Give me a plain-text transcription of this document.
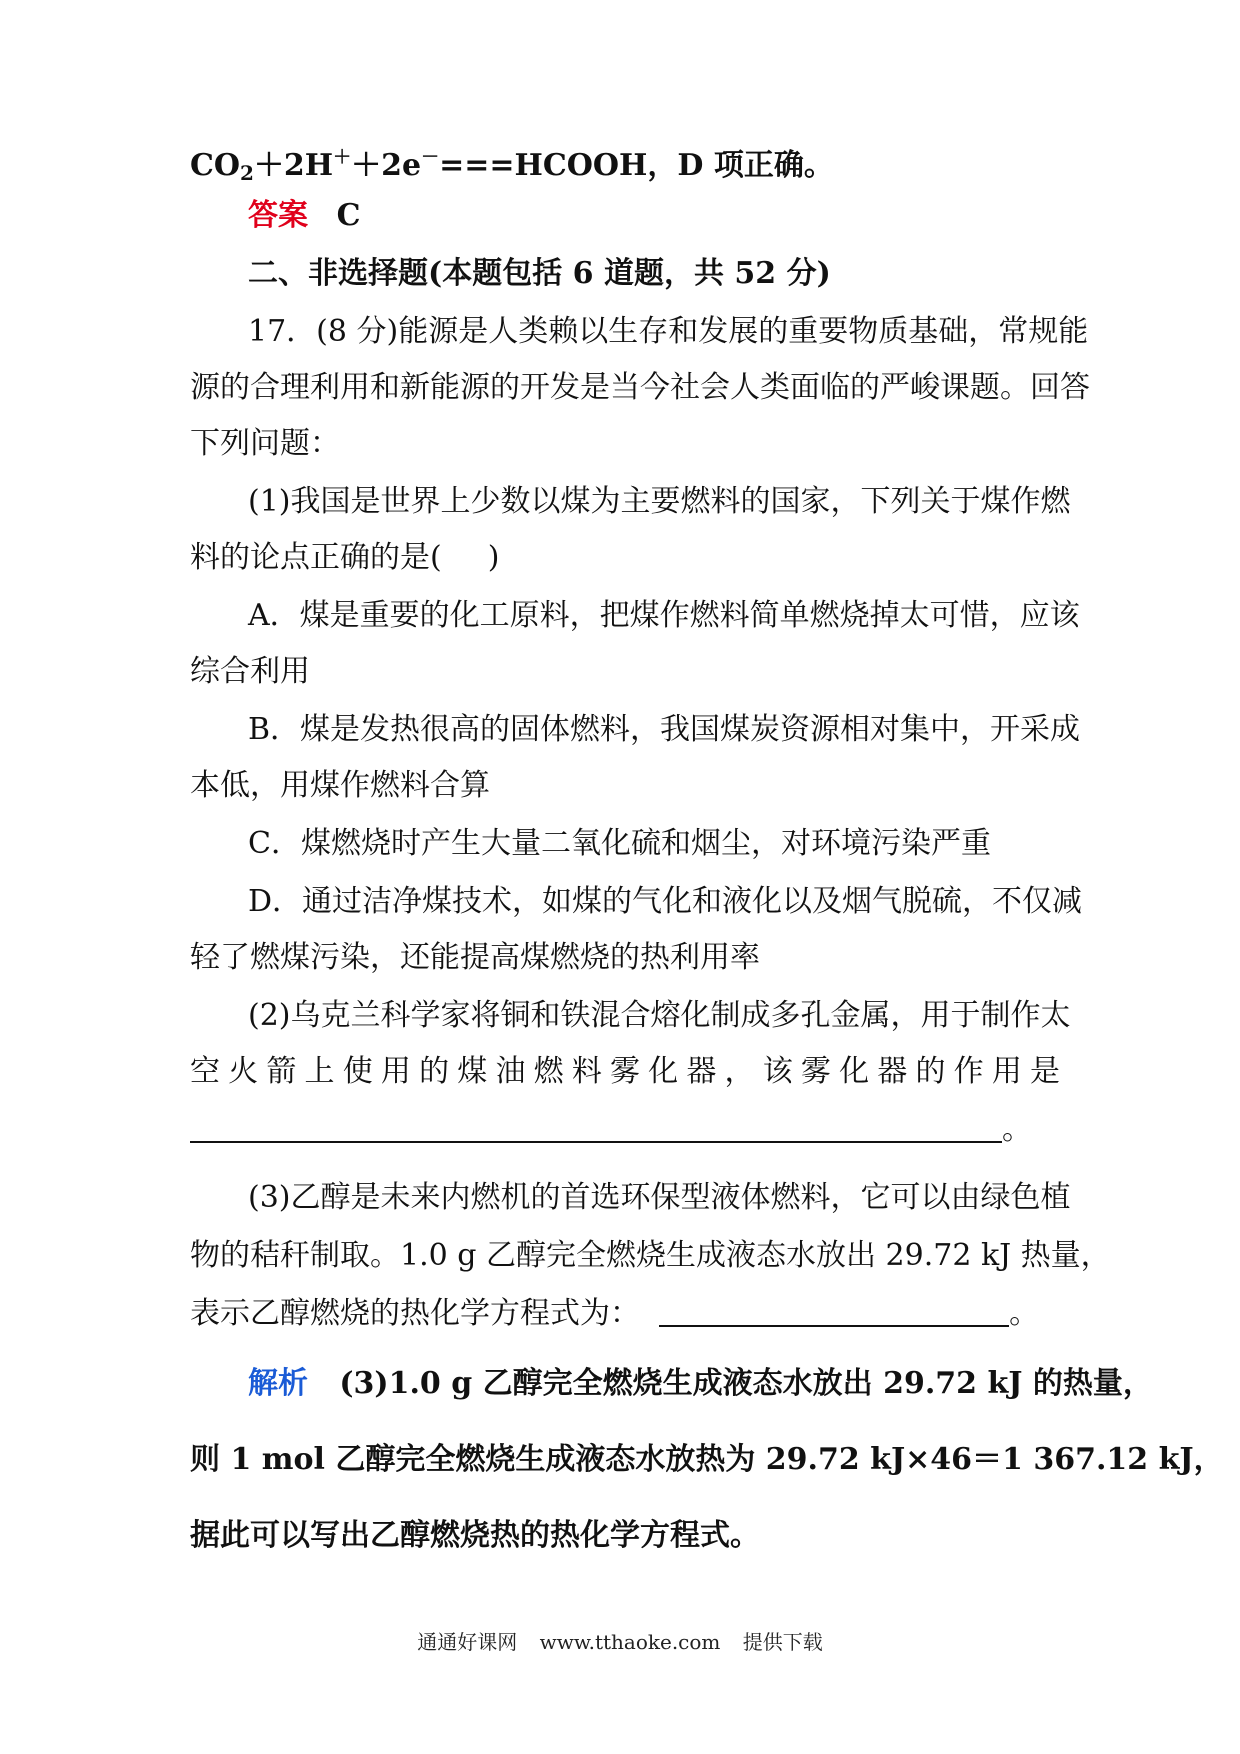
$CO_2+2H^++2e^-===HCOOH$，D 项正确。
答案 C
二、非选择题(本题包括 6 道题，共 52 分)
17．(8 分)能源是人类赖以生存和发展的重要物质基础，常规能
源的合理利用和新能源的开发是当今社会人类面临的严峻课题。回答
下列问题：
(1)我国是世界上少数以煤为主要燃料的国家，下列关于煤作燃
料的论点正确的是( )
A．煤是重要的化工原料，把煤作燃料简单燃烧掉太可惜，应该
综合利用
B．煤是发热很高的固体燃料，我国煤炭资源相对集中，开采成
本低，用煤作燃料合算
C．煤燃烧时产生大量二氧化硫和烟尘，对环境污染严重
D．通过洁净煤技术，如煤的气化和液化以及烟气脱硫，不仅减
轻了燃煤污染，还能提高煤燃烧的热利用率
(2)乌克兰科学家将铜和铁混合熔化制成多孔金属，用于制作太
空火箭上使用的煤油燃料雾化器，该雾化器的作用是
。
(3)乙醇是未来内燃机的首选环保型液体燃料，它可以由绿色植
物的秸秆制取。1.0 g 乙醇完全燃烧生成液态水放出 29.72 kJ 热量，
表示乙醇燃烧的热化学方程式为：	。
解析 (3)1.0 g 乙醇完全燃烧生成液态水放出 29.72 kJ 的热量，
则 1 mol 乙醇完全燃烧生成液态水放热为 29.72 kJ×46＝1 367.12 kJ，
据此可以写出乙醇燃烧热的热化学方程式。
通通好课网 www.tthaoke.com 提供下载
